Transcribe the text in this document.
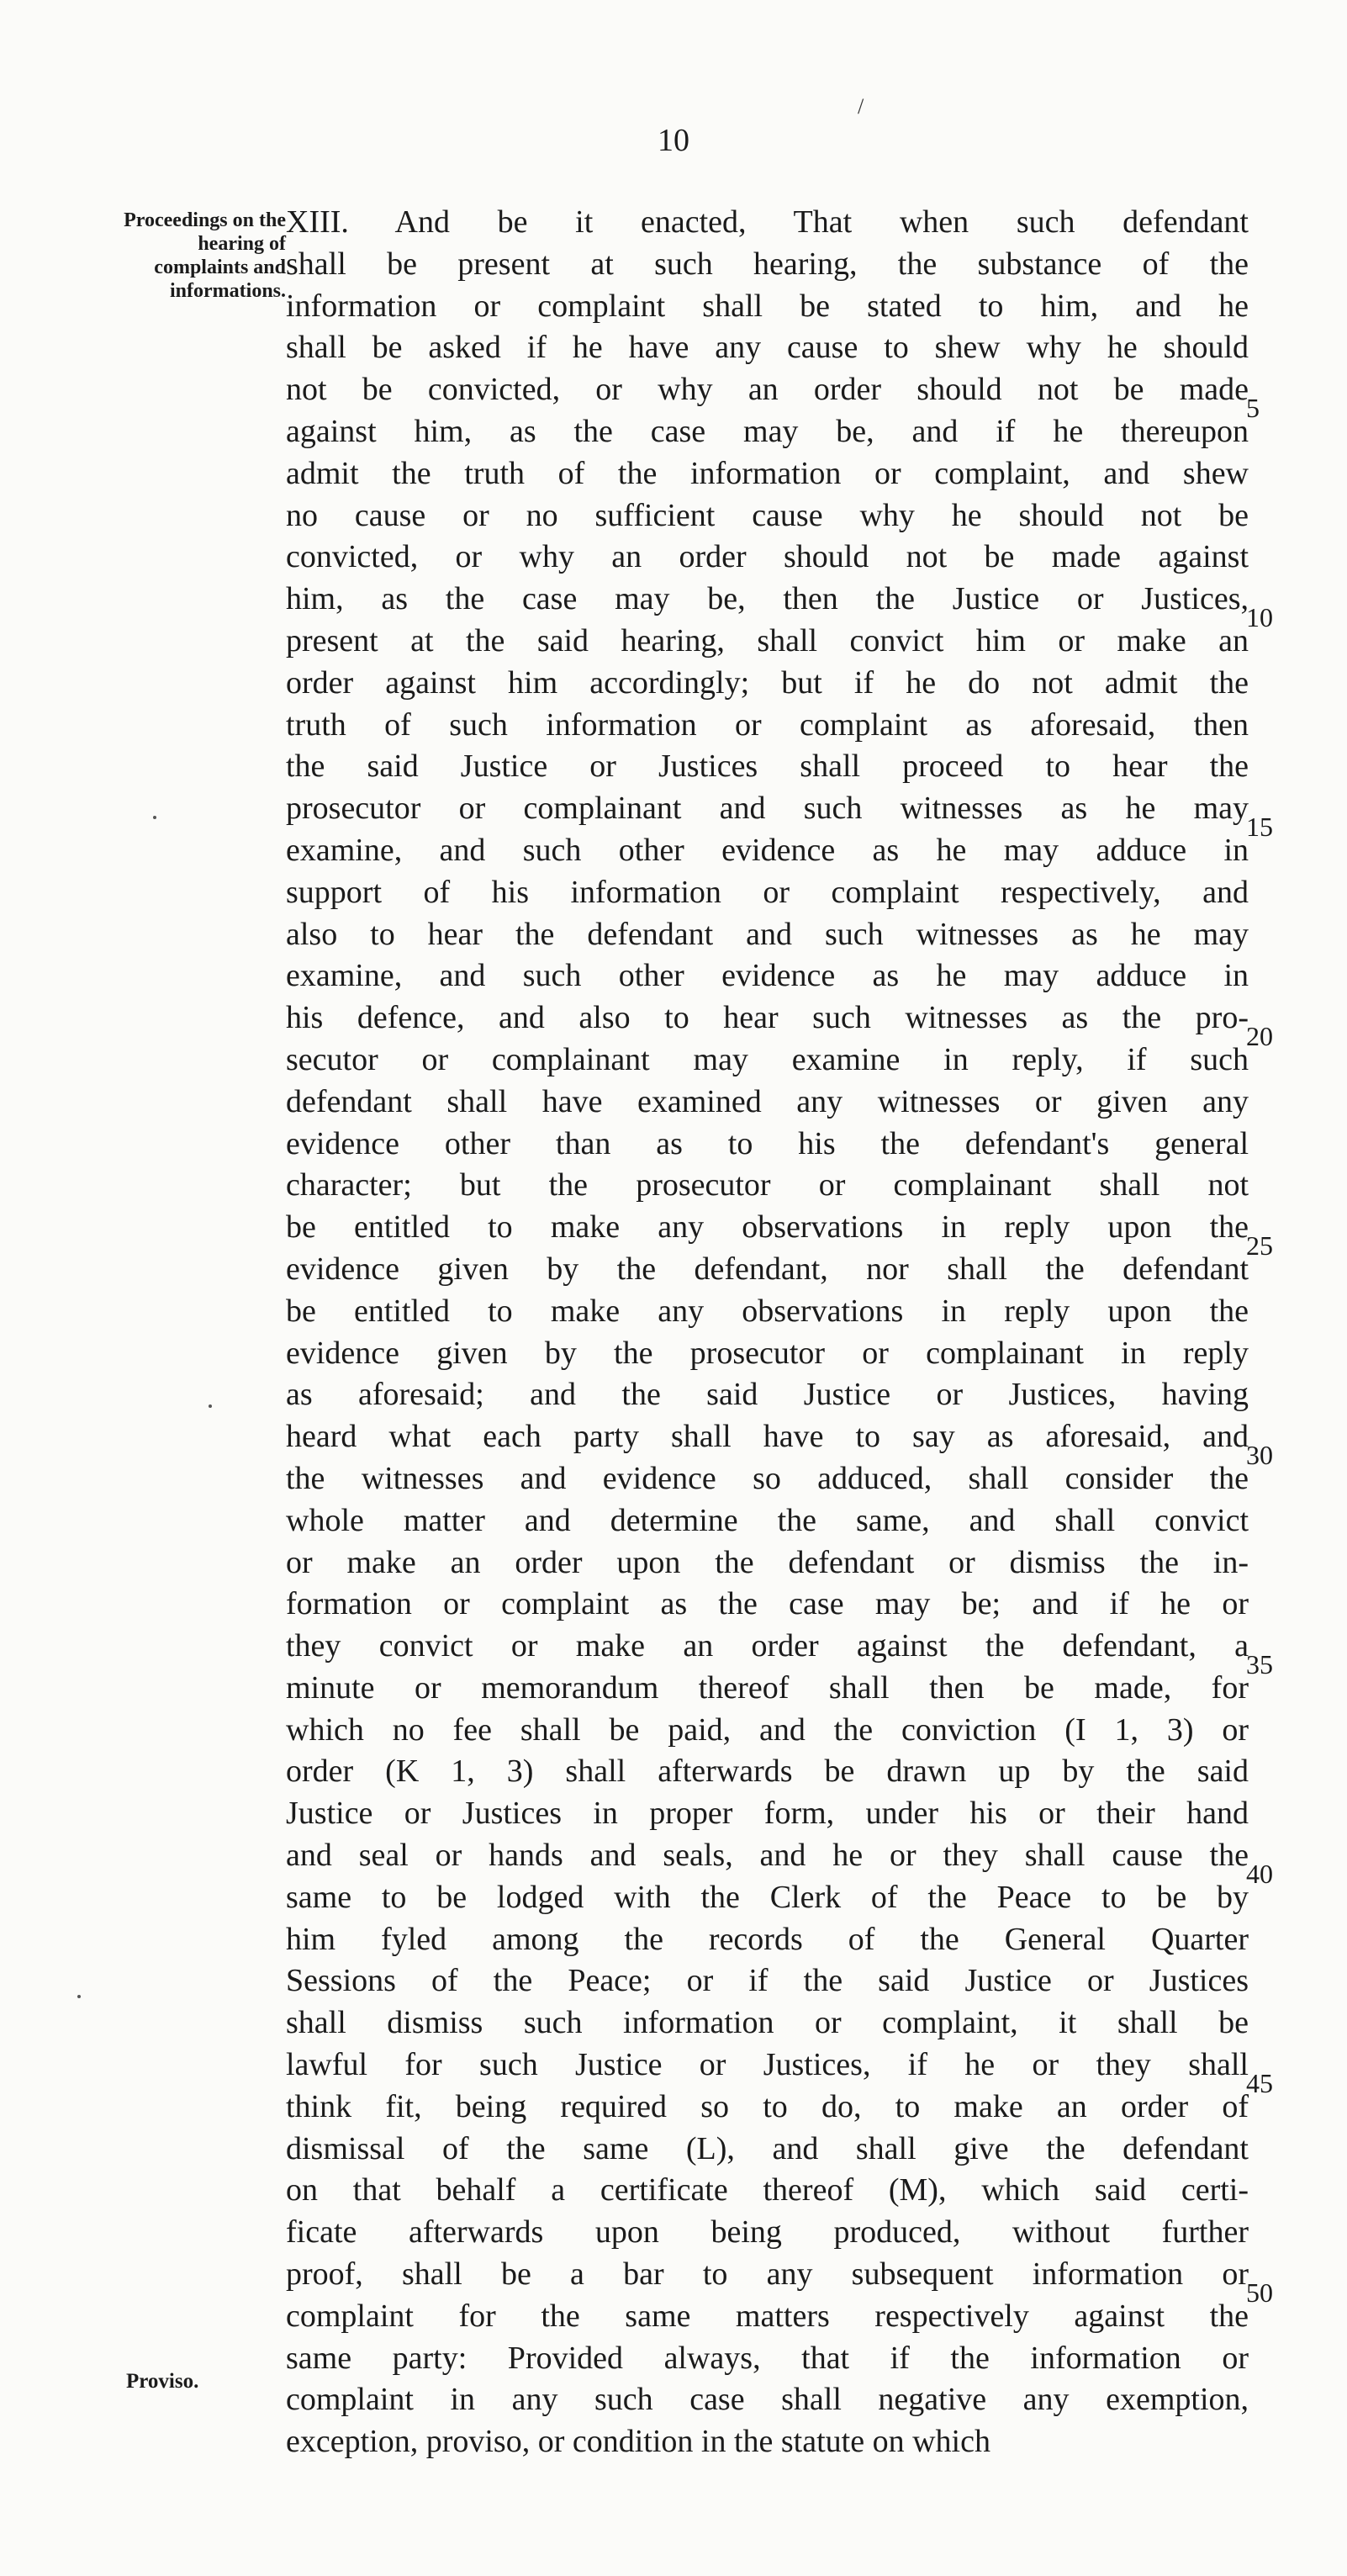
10
/
Proceedings on the hearing of complaints and informations.
Proviso.
XIII. And be it enacted, That when such defendant
shall be present at such hearing, the substance of the
information or complaint shall be stated to him, and he
shall be asked if he have any cause to shew why he should
not be convicted, or why an order should not be made
against him, as the case may be, and if he thereupon
admit the truth of the information or complaint, and shew
no cause or no sufficient cause why he should not be
convicted, or why an order should not be made against
him, as the case may be, then the Justice or Justices,
present at the said hearing, shall convict him or make an
order against him accordingly; but if he do not admit the
truth of such information or complaint as aforesaid, then
the said Justice or Justices shall proceed to hear the
prosecutor or complainant and such witnesses as he may
examine, and such other evidence as he may adduce in
support of his information or complaint respectively, and
also to hear the defendant and such witnesses as he may
examine, and such other evidence as he may adduce in
his defence, and also to hear such witnesses as the pro-
secutor or complainant may examine in reply, if such
defendant shall have examined any witnesses or given any
evidence other than as to his the defendant's general
character; but the prosecutor or complainant shall not
be entitled to make any observations in reply upon the
evidence given by the defendant, nor shall the defendant
be entitled to make any observations in reply upon the
evidence given by the prosecutor or complainant in reply
as aforesaid; and the said Justice or Justices, having
heard what each party shall have to say as aforesaid, and
the witnesses and evidence so adduced, shall consider the
whole matter and determine the same, and shall convict
or make an order upon the defendant or dismiss the in-
formation or complaint as the case may be; and if he or
they convict or make an order against the defendant, a
minute or memorandum thereof shall then be made, for
which no fee shall be paid, and the conviction (I 1, 3) or
order (K 1, 3) shall afterwards be drawn up by the said
Justice or Justices in proper form, under his or their hand
and seal or hands and seals, and he or they shall cause the
same to be lodged with the Clerk of the Peace to be by
him fyled among the records of the General Quarter
Sessions of the Peace; or if the said Justice or Justices
shall dismiss such information or complaint, it shall be
lawful for such Justice or Justices, if he or they shall
think fit, being required so to do, to make an order of
dismissal of the same (L), and shall give the defendant
on that behalf a certificate thereof (M), which said certi-
ficate afterwards upon being produced, without further
proof, shall be a bar to any subsequent information or
complaint for the same matters respectively against the
same party: Provided always, that if the information or
complaint in any such case shall negative any exemption,
exception, proviso, or condition in the statute on which
5
10
15
20
25
30
35
40
45
50
